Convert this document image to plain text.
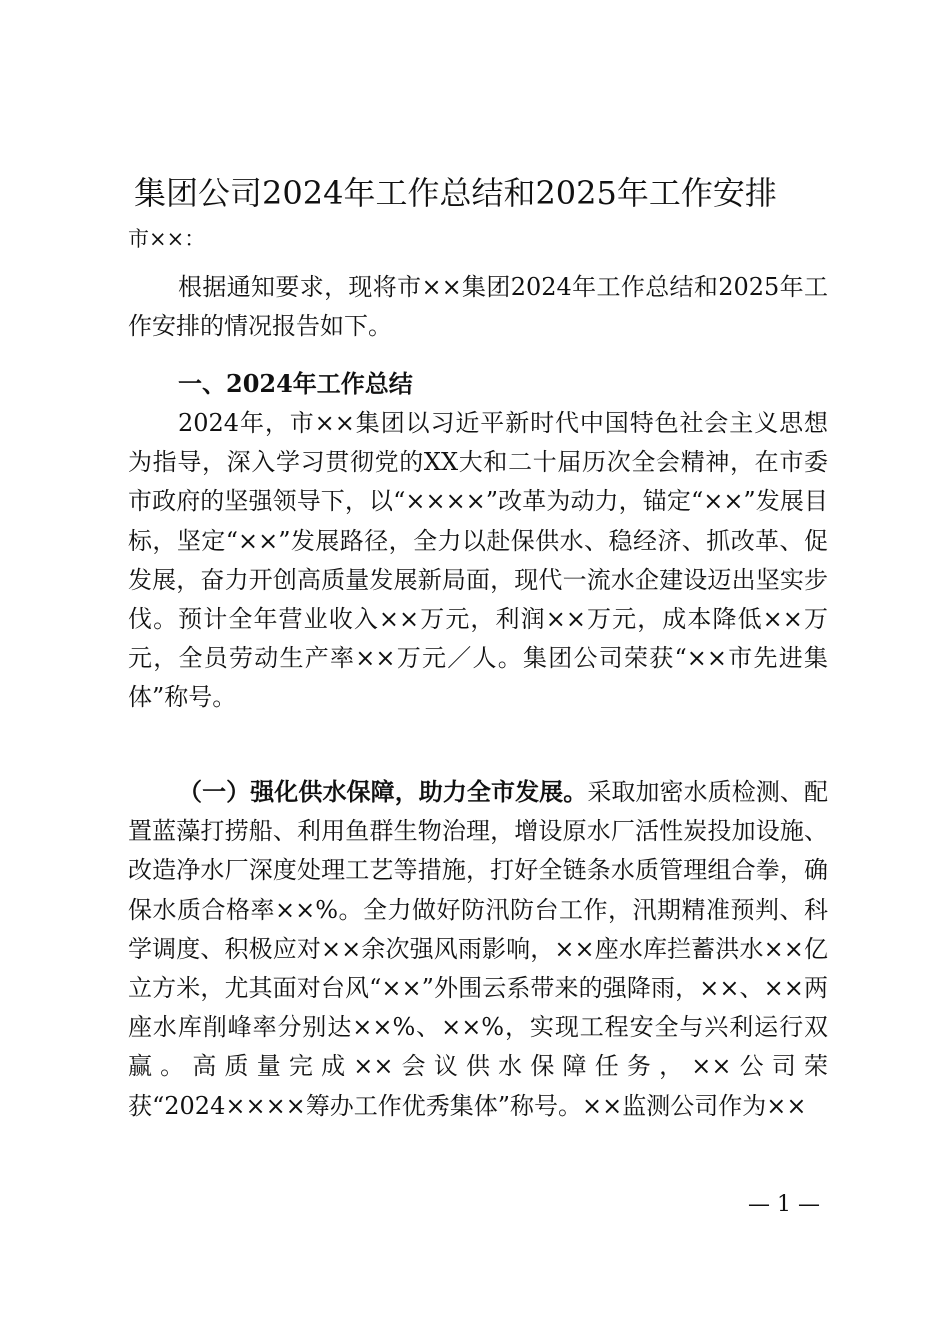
集团公司2024年工作总结和2025年工作安排
市××：

根据通知要求，现将市××集团2024年工作总结和2025年工作安排的情况报告如下。

一、2024年工作总结

2024年，市××集团以习近平新时代中国特色社会主义思想为指导，深入学习贯彻党的XX大和二十届历次全会精神，在市委市政府的坚强领导下，以“××××”改革为动力，锚定“××”发展目标，坚定“××”发展路径，全力以赴保供水、稳经济、抓改革、促发展，奋力开创高质量发展新局面，现代一流水企建设迈出坚实步伐。预计全年营业收入××万元，利润××万元，成本降低××万元，全员劳动生产率××万元／人。集团公司荣获“××市先进集体”称号。

（一）强化供水保障，助力全市发展。采取加密水质检测、配置蓝藻打捞船、利用鱼群生物治理，增设原水厂活性炭投加设施、改造净水厂深度处理工艺等措施，打好全链条水质管理组合拳，确保水质合格率××%。全力做好防汛防台工作，汛期精准预判、科学调度、积极应对××余次强风雨影响，××座水库拦蓄洪水××亿立方米，尤其面对台风“××”外围云系带来的强降雨，××、××两座水库削峰率分别达××%、××%，实现工程安全与兴利运行双赢。高质量完成××会议供水保障任务，××公司荣获“2024××××筹办工作优秀集体”称号。××监测公司作为××

— 1 —
